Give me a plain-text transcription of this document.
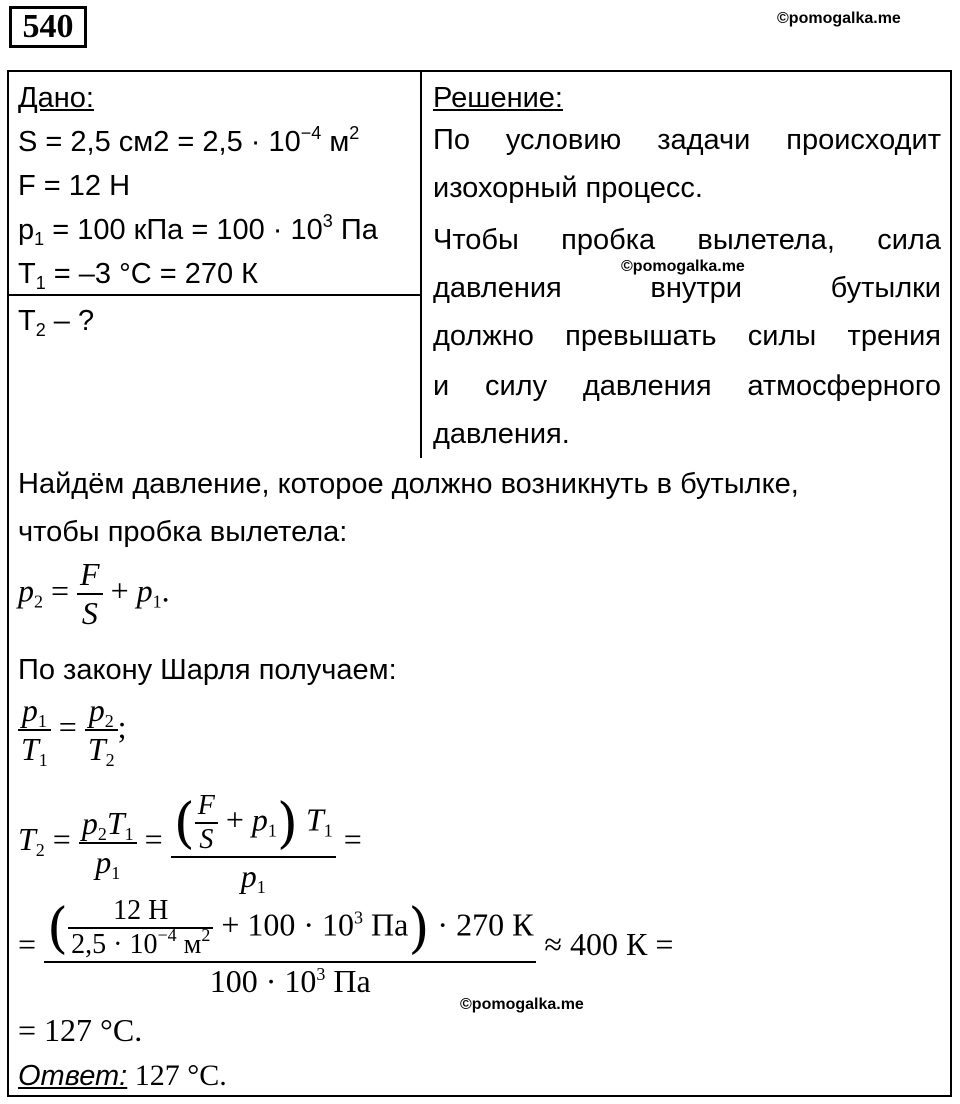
540	©pomogalka.me
Дано:
S = 2,5 $см2 = 2,5 \cdot 10^{-4}$ $м^2$
F = 12 Н
$p_1 = 100$ кПа = $100 \cdot 10^3$ Па
$T_1 = -3$ °C = 270 К
$T_2$ – ?
Решение:
По условию задачи происходит
изохорный процесс.
Чтобы пробка вылетела, сила
давления внутри бутылки
должно превышать силы трения
и силу давления атмосферного
давления.
©pomogalka.me
Найдём давление, которое должно возникнуть в бутылке,
чтобы пробка вылетела:
$p_2 = \frac{F}{S} + p_1$.
По закону Шарля получаем:
$\frac{p_1}{T_1} = \frac{p_2}{T_2}$ ;
$T_2 = \frac{p_2T_1}{p_1} = \frac{( \frac{F}{S} + p_1) T_1}{p_1}$ =
= $\frac{( \frac{12 Н}{2,5 \cdot 10^{-4} м^2} + 100 \cdot 10^3 Па) \cdot 270 К}{100 \cdot 10^3 Па} \approx 400$ К =
©pomogalka.me
= 127 °C.
Ответ: 127 °C.
